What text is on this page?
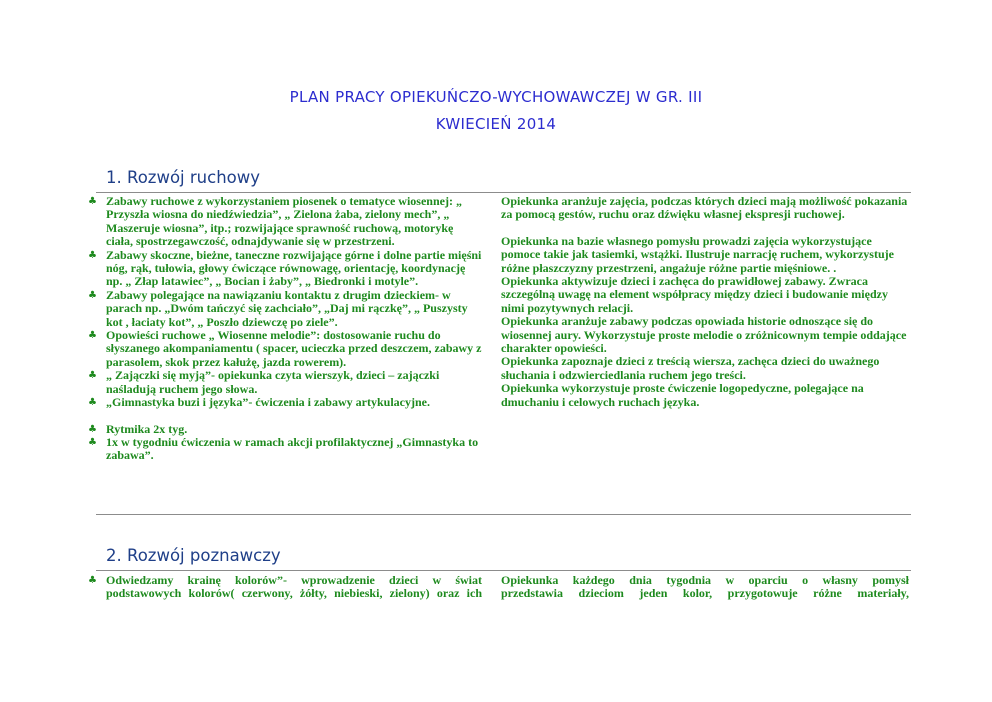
PLAN PRACY OPIEKUŃCZO-WYCHOWAWCZEJ W GR. III
KWIECIEŃ 2014
1. Rozwój ruchowy
♣ Zabawy ruchowe z wykorzystaniem piosenek o tematyce wiosennej: „ Przyszła wiosna do niedźwiedzia”, „ Zielona żaba, zielony mech”, „ Maszeruje wiosna”, itp.; rozwijające sprawność ruchową, motorykę ciała, spostrzegawczość, odnajdywanie się w przestrzeni.
♣ Zabawy skoczne, bieżne, taneczne rozwijające górne i dolne partie mięśni nóg, rąk, tułowia, głowy ćwiczące równowagę, orientację, koordynację np. „ Złap latawiec”, „ Bocian i żaby”, „ Biedronki i motyle”.
♣ Zabawy polegające na nawiązaniu kontaktu z drugim dzieckiem- w parach np. „Dwóm tańczyć się zachciało”, „Daj mi rączkę”, „ Puszysty kot , łaciaty kot”, „ Poszło dziewczę po ziele”.
♣ Opowieści ruchowe „ Wiosenne melodie”: dostosowanie ruchu do słyszanego akompaniamentu ( spacer, ucieczka przed deszczem, zabawy z parasolem, skok przez kałużę, jazda rowerem).
♣ „ Zajączki się myją”- opiekunka czyta wierszyk, dzieci – zajączki naśladują ruchem jego słowa.
♣ „Gimnastyka buzi i języka”- ćwiczenia i zabawy artykulacyjne.
♣ Rytmika 2x tyg.
♣ 1x w tygodniu ćwiczenia w ramach akcji profilaktycznej „Gimnastyka to zabawa”.

Opiekunka aranżuje zajęcia, podczas których dzieci mają możliwość pokazania za pomocą gestów, ruchu oraz dźwięku własnej ekspresji ruchowej.

Opiekunka na bazie własnego pomysłu prowadzi zajęcia wykorzystujące pomoce takie jak tasiemki, wstążki. Ilustruje narrację ruchem, wykorzystuje różne płaszczyzny przestrzeni, angażuje różne partie mięśniowe. .

Opiekunka aktywizuje dzieci i zachęca do prawidłowej zabawy. Zwraca szczególną uwagę na element współpracy między dzieci i budowanie między nimi pozytywnych relacji.

Opiekunka aranżuje zabawy podczas opowiada historie odnoszące się do wiosennej aury. Wykorzystuje proste melodie o zróżnicownym tempie oddające charakter opowieści.

Opiekunka zapoznaje dzieci z treścią wiersza, zachęca dzieci do uważnego słuchania i odzwierciedlania ruchem jego treści.

Opiekunka wykorzystuje proste ćwiczenie logopedyczne, polegające na dmuchaniu i celowych ruchach języka.

2. Rozwój poznawczy
♣ Odwiedzamy krainę kolorów”- wprowadzenie dzieci w świat
podstawowych kolorów( czerwony, żółty, niebieski, zielony) oraz ich
Opiekunka każdego dnia tygodnia w oparciu o własny pomysł
przedstawia dzieciom jeden kolor, przygotowuje różne materiały,
